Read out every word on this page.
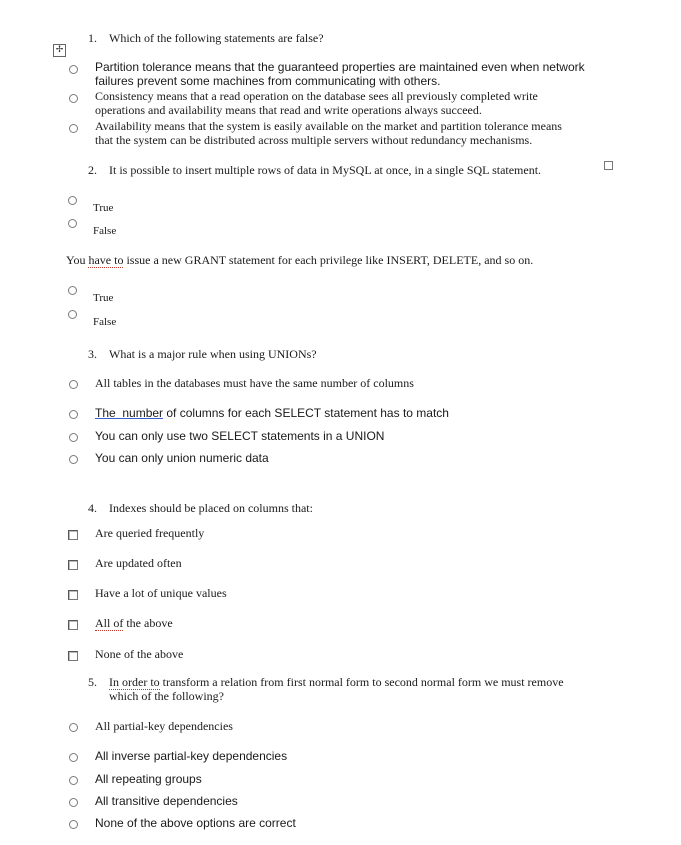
✢
1. Which of the following statements are false?
Partition tolerance means that the guaranteed properties are maintained even when network
failures prevent some machines from communicating with others.
Consistency means that a read operation on the database sees all previously completed write
operations and availability means that read and write operations always succeed.
Availability means that the system is easily available on the market and partition tolerance means
that the system can be distributed across multiple servers without redundancy mechanisms.
2. It is possible to insert multiple rows of data in MySQL at once, in a single SQL statement.
True
False
You have to issue a new GRANT statement for each privilege like INSERT, DELETE, and so on.
True
False
3. What is a major rule when using UNIONs?
All tables in the databases must have the same number of columns
The  number of columns for each SELECT statement has to match
You can only use two SELECT statements in a UNION
You can only union numeric data
4. Indexes should be placed on columns that:
Are queried frequently
Are updated often
Have a lot of unique values
All of the above
None of the above
5. In order to transform a relation from first normal form to second normal form we must remove
which of the following?
All partial-key dependencies
All inverse partial-key dependencies
All repeating groups
All transitive dependencies
None of the above options are correct
